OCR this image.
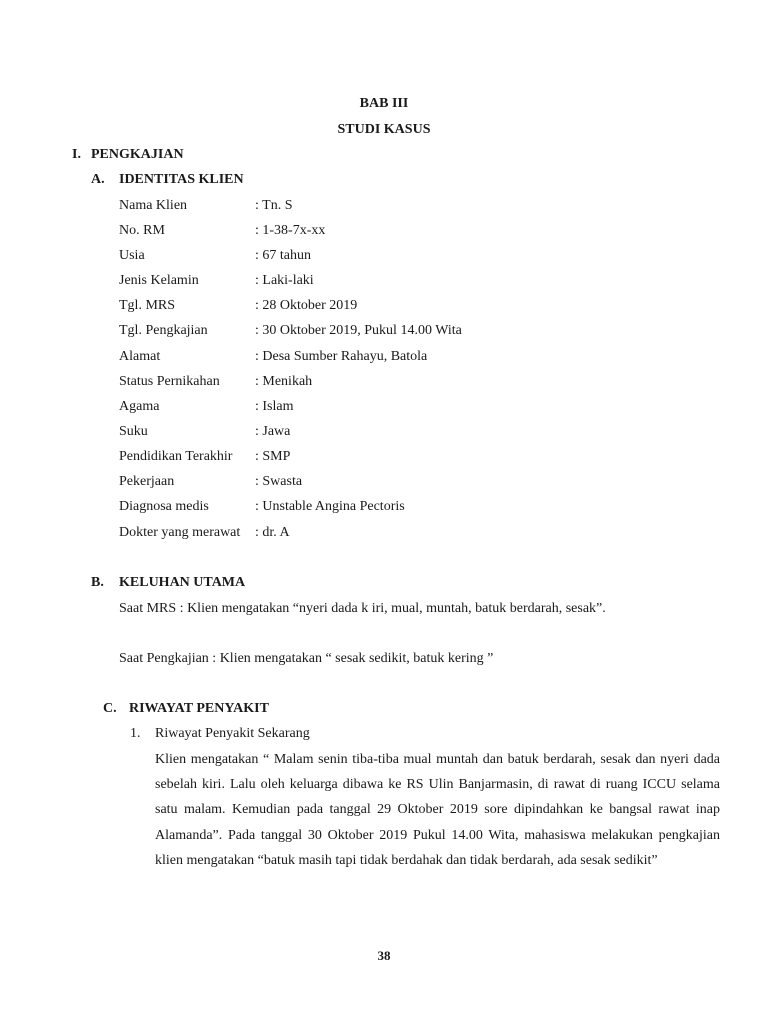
BAB III
STUDI KASUS
I. PENGKAJIAN
A. IDENTITAS KLIEN
Nama Klien	: Tn. S
No. RM	: 1-38-7x-xx
Usia	: 67 tahun
Jenis Kelamin	: Laki-laki
Tgl. MRS	: 28 Oktober 2019
Tgl. Pengkajian	: 30 Oktober 2019, Pukul 14.00 Wita
Alamat	: Desa Sumber Rahayu, Batola
Status Pernikahan	: Menikah
Agama	: Islam
Suku	: Jawa
Pendidikan Terakhir : SMP
Pekerjaan	: Swasta
Diagnosa medis	: Unstable Angina Pectoris
Dokter yang merawat : dr. A
B. KELUHAN UTAMA
Saat MRS : Klien mengatakan “nyeri dada k iri, mual, muntah, batuk berdarah, sesak”.
Saat Pengkajian : Klien mengatakan “ sesak sedikit, batuk kering ”
C. RIWAYAT PENYAKIT
1. Riwayat Penyakit Sekarang
Klien mengatakan “ Malam senin tiba-tiba mual muntah dan batuk berdarah, sesak dan nyeri dada sebelah kiri. Lalu oleh keluarga dibawa ke RS Ulin Banjarmasin, di rawat di ruang ICCU selama satu malam. Kemudian pada tanggal 29 Oktober 2019 sore dipindahkan ke bangsal rawat inap Alamanda”. Pada tanggal 30 Oktober 2019 Pukul 14.00 Wita, mahasiswa melakukan pengkajian klien mengatakan “batuk masih tapi tidak berdahak dan tidak berdarah, ada sesak sedikit”
38
